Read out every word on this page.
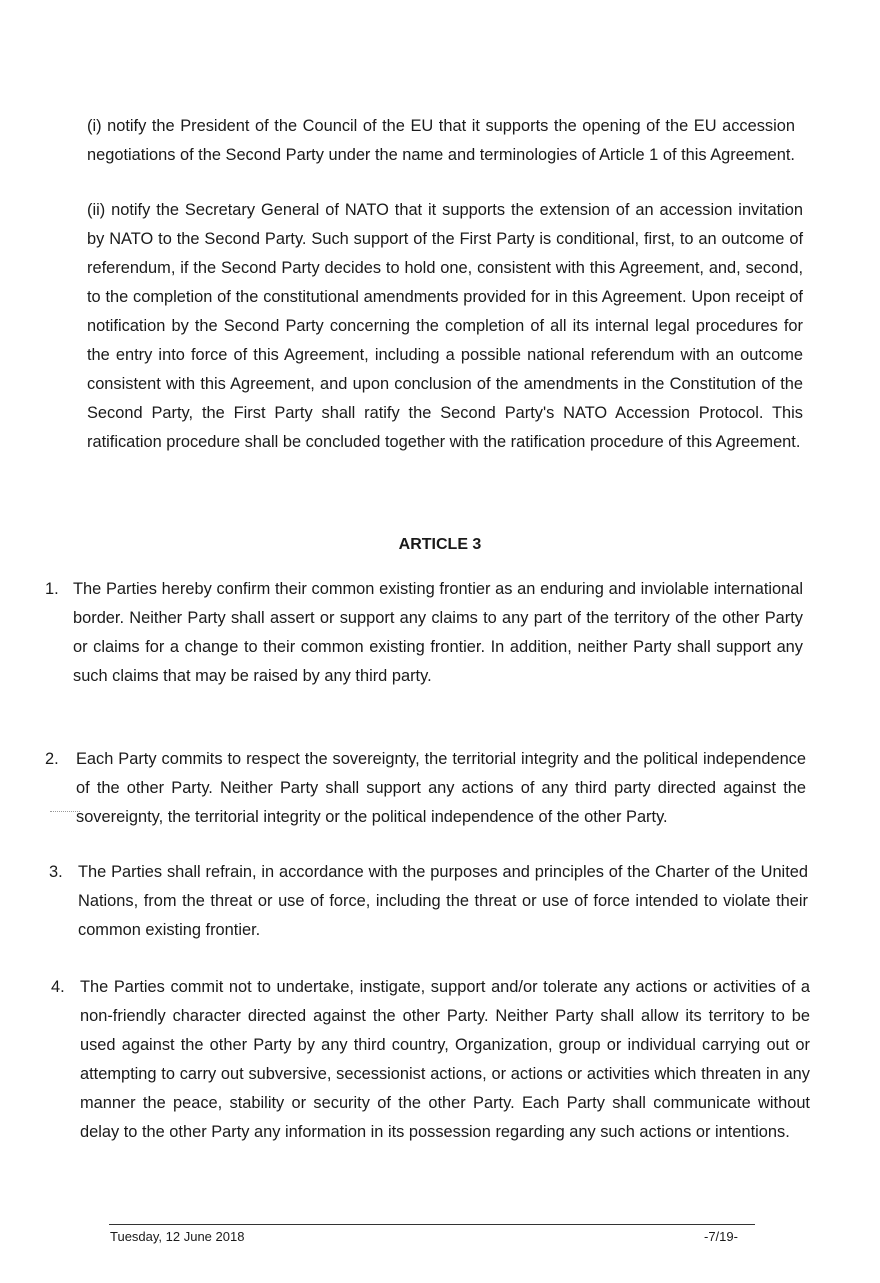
(i) notify the President of the Council of the EU that it supports the opening of the EU accession negotiations of the Second Party under the name and terminologies of Article 1 of this Agreement.
(ii) notify the Secretary General of NATO that it supports the extension of an accession invitation by NATO to the Second Party. Such support of the First Party is conditional, first, to an outcome of referendum, if the Second Party decides to hold one, consistent with this Agreement, and, second, to the completion of the constitutional amendments provided for in this Agreement. Upon receipt of notification by the Second Party concerning the completion of all its internal legal procedures for the entry into force of this Agreement, including a possible national referendum with an outcome consistent with this Agreement, and upon conclusion of the amendments in the Constitution of the Second Party, the First Party shall ratify the Second Party's NATO Accession Protocol. This ratification procedure shall be concluded together with the ratification procedure of this Agreement.
ARTICLE 3
1. The Parties hereby confirm their common existing frontier as an enduring and inviolable international border. Neither Party shall assert or support any claims to any part of the territory of the other Party or claims for a change to their common existing frontier. In addition, neither Party shall support any such claims that may be raised by any third party.
2. Each Party commits to respect the sovereignty, the territorial integrity and the political independence of the other Party. Neither Party shall support any actions of any third party directed against the sovereignty, the territorial integrity or the political independence of the other Party.
3. The Parties shall refrain, in accordance with the purposes and principles of the Charter of the United Nations, from the threat or use of force, including the threat or use of force intended to violate their common existing frontier.
4. The Parties commit not to undertake, instigate, support and/or tolerate any actions or activities of a non-friendly character directed against the other Party. Neither Party shall allow its territory to be used against the other Party by any third country, Organization, group or individual carrying out or attempting to carry out subversive, secessionist actions, or actions or activities which threaten in any manner the peace, stability or security of the other Party. Each Party shall communicate without delay to the other Party any information in its possession regarding any such actions or intentions.
Tuesday, 12 June 2018	-7/19-
